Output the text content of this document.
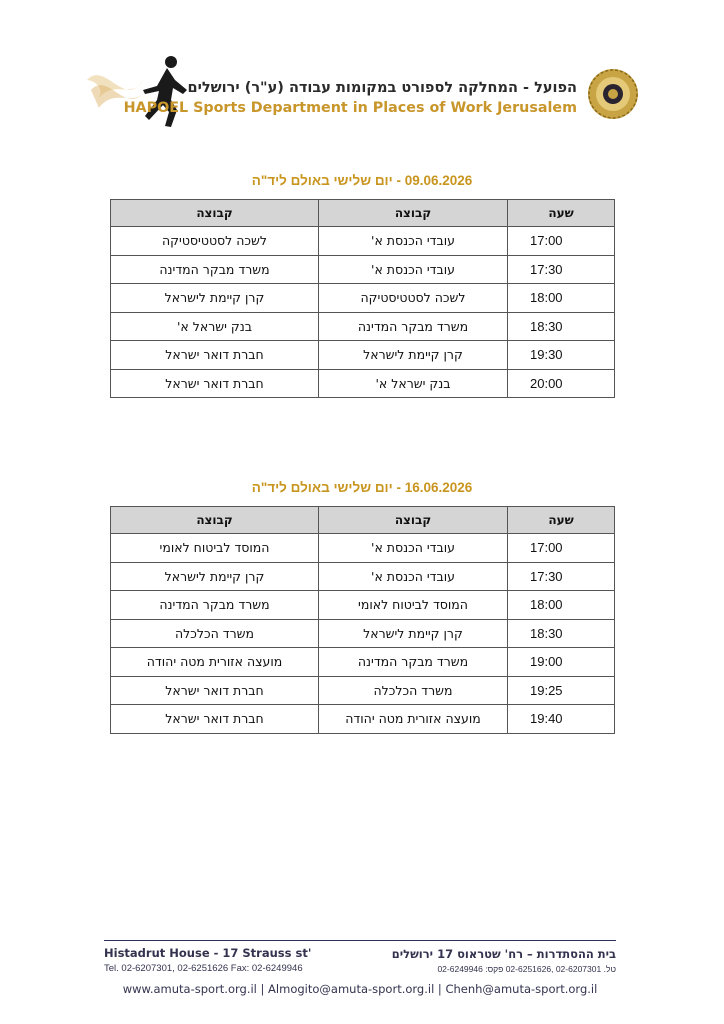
הפועל - המחלקה לספורט במקומות עבודה (ע"ר) ירושלים
HAPOEL Sports Department in Places of Work Jerusalem
09.06.2026 - יום שלישי באולם ליד"ה
שעה	קבוצה	קבוצה
17:00	עובדי הכנסת א'	לשכה לסטטיסטיקה
17:30	עובדי הכנסת א'	משרד מבקר המדינה
18:00	לשכה לסטטיסטיקה	קרן קיימת לישראל
18:30	משרד מבקר המדינה	בנק ישראל א'
19:30	קרן קיימת לישראל	חברת דואר ישראל
20:00	בנק ישראל א'	חברת דואר ישראל
16.06.2026 - יום שלישי באולם ליד"ה
שעה	קבוצה	קבוצה
17:00	עובדי הכנסת א'	המוסד לביטוח לאומי
17:30	עובדי הכנסת א'	קרן קיימת לישראל
18:00	המוסד לביטוח לאומי	משרד מבקר המדינה
18:30	קרן קיימת לישראל	משרד הכלכלה
19:00	משרד מבקר המדינה	מועצה אזורית מטה יהודה
19:25	משרד הכלכלה	חברת דואר ישראל
19:40	מועצה אזורית מטה יהודה	חברת דואר ישראל
Histadrut House - 17 Strauss st'
Tel. 02-6207301, 02-6251626 Fax: 02-6249946
בית ההסתדרות – רח' שטראוס 17 ירושלים
טל. 02-6207301 ,02-6251626 פקס: 02-6249946
www.amuta-sport.org.il | Almogito@amuta-sport.org.il | Chenh@amuta-sport.org.il
